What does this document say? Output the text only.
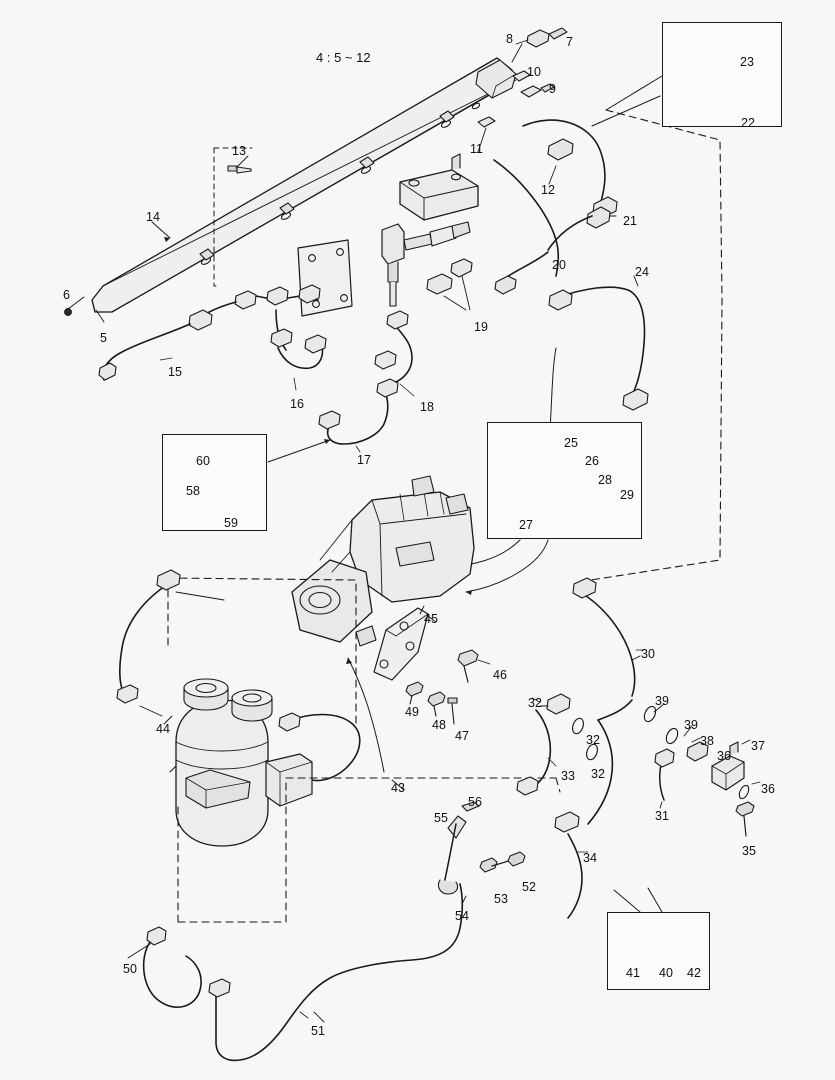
4 : 5 ~ 12
5
6
7
8
9
10
11
12
13
14
15
16
17
18
19
20
21
22
23
24
25
26
27
28
29
30
31
32
32
32
33
34	35
36
36
37
38
39
39
40
41	42
43
44
45
46
47
48
49
50
51
52
53
54
55
56
58
59
60
